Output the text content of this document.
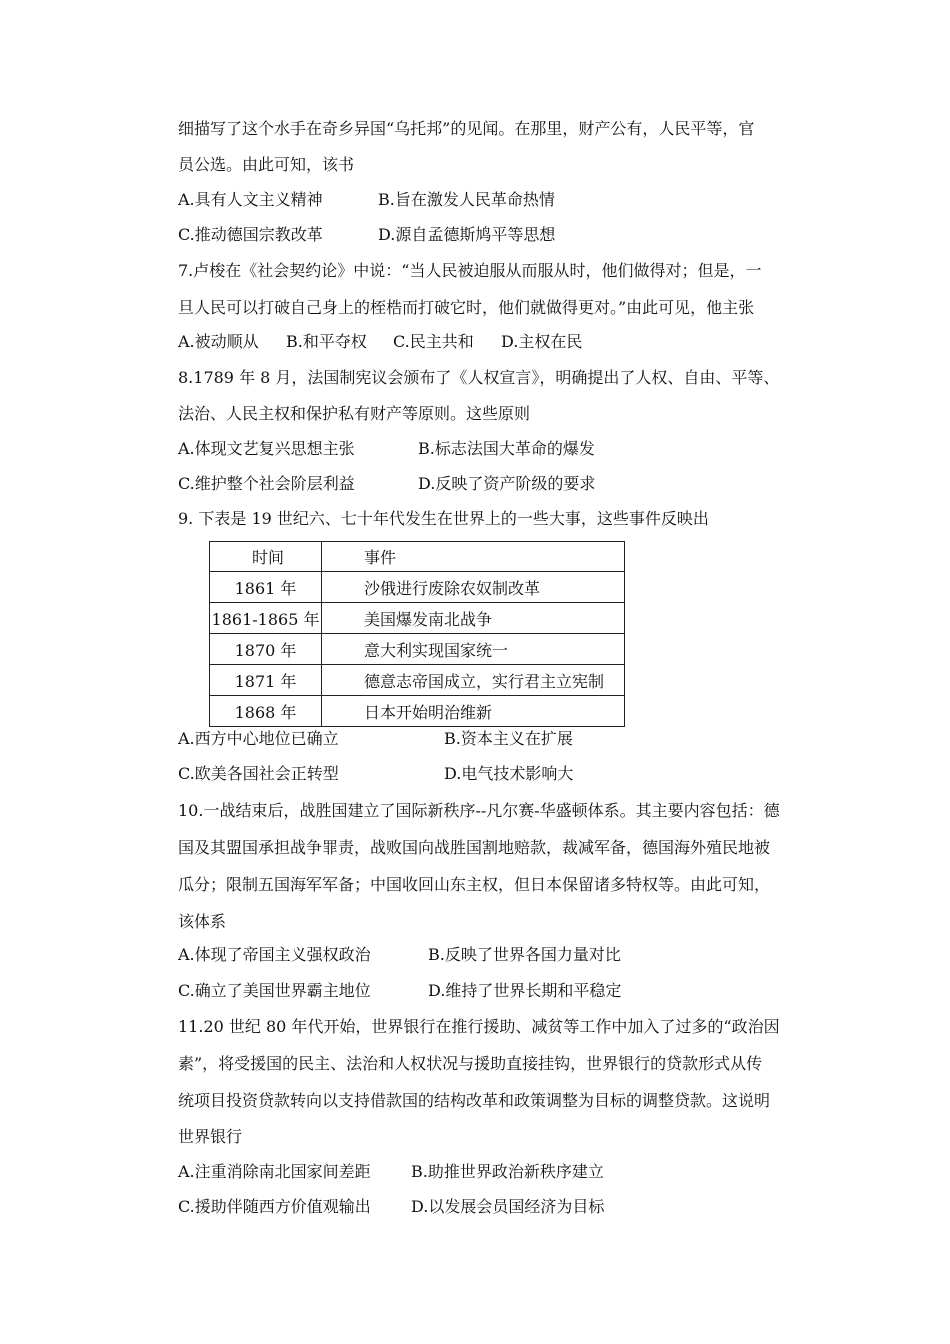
细描写了这个水手在奇乡异国“乌托邦”的见闻。在那里，财产公有，人民平等，官
员公选。由此可知，该书
A.具有人文主义精神	B.旨在激发人民革命热情
C.推动德国宗教改革	D.源自孟德斯鸠平等思想
7.卢梭在《社会契约论》中说：“当人民被迫服从而服从时，他们做得对；但是，一
旦人民可以打破自己身上的桎梏而打破它时，他们就做得更对。”由此可见，他主张
A.被动顺从 B.和平夺权 C.民主共和 D.主权在民
8.1789 年 8 月，法国制宪议会颁布了《人权宣言》，明确提出了人权、自由、平等、
法治、人民主权和保护私有财产等原则。这些原则
A.体现文艺复兴思想主张	B.标志法国大革命的爆发
C.维护整个社会阶层利益	D.反映了资产阶级的要求
9. 下表是 19 世纪六、七十年代发生在世界上的一些大事，这些事件反映出
时间	事件
1861 年	沙俄进行废除农奴制改革
1861-1865 年	美国爆发南北战争
1870 年	意大利实现国家统一
1871 年	德意志帝国成立，实行君主立宪制
1868 年	日本开始明治维新
A.西方中心地位已确立	B.资本主义在扩展
C.欧美各国社会正转型	D.电气技术影响大
10.一战结束后，战胜国建立了国际新秩序--凡尔赛-华盛顿体系。其主要内容包括：德
国及其盟国承担战争罪责，战败国向战胜国割地赔款，裁减军备，德国海外殖民地被
瓜分；限制五国海军军备；中国收回山东主权，但日本保留诸多特权等。由此可知，
该体系
A.体现了帝国主义强权政治	B.反映了世界各国力量对比
C.确立了美国世界霸主地位	D.维持了世界长期和平稳定
11.20 世纪 80 年代开始，世界银行在推行援助、减贫等工作中加入了过多的“政治因
素”，将受援国的民主、法治和人权状况与援助直接挂钩，世界银行的贷款形式从传
统项目投资贷款转向以支持借款国的结构改革和政策调整为目标的调整贷款。这说明
世界银行
A.注重消除南北国家间差距	B.助推世界政治新秩序建立
C.援助伴随西方价值观输出	D.以发展会员国经济为目标
